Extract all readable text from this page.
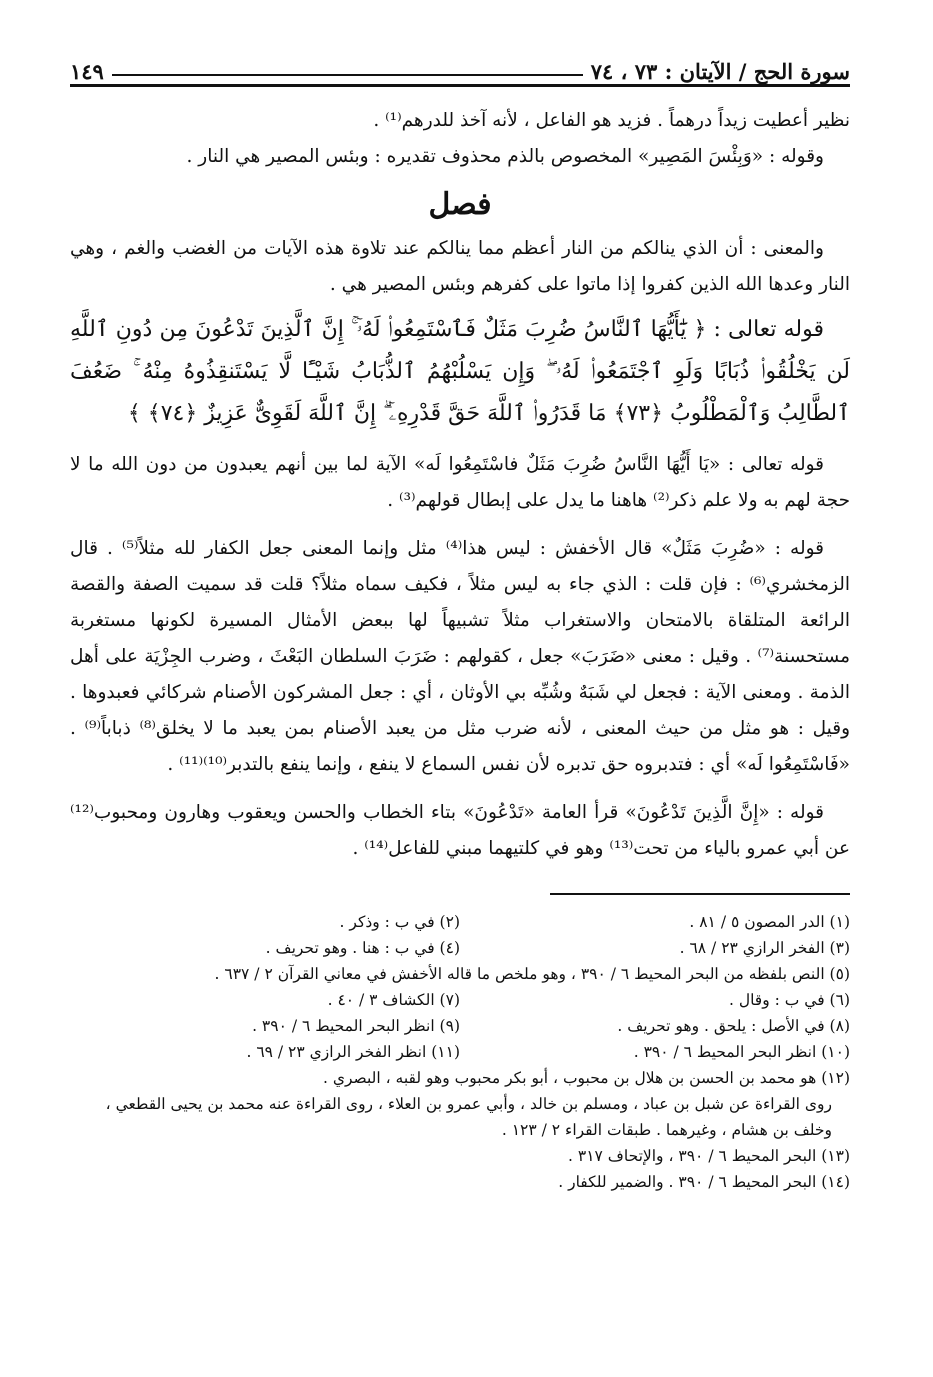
سورة الحج / الآيتان : ٧٣ ، ٧٤
١٤٩

نظير أعطيت زيداً درهماً . فزيد هو الفاعل ، لأنه آخذ للدرهم⁽¹⁾ .

وقوله : «وَبِئْسَ المَصِير» المخصوص بالذم محذوف تقديره : وبئس المصير هي النار .

فصل

والمعنى : أن الذي ينالكم من النار أعظم مما ينالكم عند تلاوة هذه الآيات من الغضب والغم ، وهي النار وعدها الله الذين كفروا إذا ماتوا على كفرهم وبئس المصير هي .

قوله تعالى : ﴿ يَٰٓأَيُّهَا ٱلنَّاسُ ضُرِبَ مَثَلٌ فَٱسْتَمِعُوا۟ لَهُۥٓ ۚ إِنَّ ٱلَّذِينَ تَدْعُونَ مِن دُونِ ٱللَّهِ لَن يَخْلُقُوا۟ ذُبَابًا وَلَوِ ٱجْتَمَعُوا۟ لَهُۥ ۖ وَإِن يَسْلُبْهُمُ ٱلذُّبَابُ شَيْـًٔا لَّا يَسْتَنقِذُوهُ مِنْهُ ۚ ضَعُفَ ٱلطَّالِبُ وَٱلْمَطْلُوبُ ﴿٧٣﴾ مَا قَدَرُوا۟ ٱللَّهَ حَقَّ قَدْرِهِۦٓ ۗ إِنَّ ٱللَّهَ لَقَوِىٌّ عَزِيزٌ ﴿٧٤﴾ ﴾

قوله تعالى : «يَا أَيُّهَا النَّاسُ ضُرِبَ مَثَلٌ فاسْتَمِعُوا لَه» الآية لما بين أنهم يعبدون من دون الله ما لا حجة لهم به ولا علم ذكر⁽²⁾ هاهنا ما يدل على إبطال قولهم⁽³⁾ .

قوله : «ضُرِبَ مَثَلٌ» قال الأخفش : ليس هذا⁽⁴⁾ مثل وإنما المعنى جعل الكفار لله مثلاً⁽⁵⁾ . قال الزمخشري⁽⁶⁾ : فإن قلت : الذي جاء به ليس مثلاً ، فكيف سماه مثلاً؟ قلت قد سميت الصفة والقصة الرائعة المتلقاة بالامتحان والاستغراب مثلاً تشبيهاً لها ببعض الأمثال المسيرة لكونها مستغربة مستحسنة⁽⁷⁾ . وقيل : معنى «ضَرَبَ» جعل ، كقولهم : ضَرَبَ السلطان البَعْثَ ، وضرب الجِزْيَة على أهل الذمة . ومعنى الآية : فجعل لي شَبَهٌ وشُبِّه بي الأوثان ، أي : جعل المشركون الأصنام شركائي فعبدوها . وقيل : هو مثل من حيث المعنى ، لأنه ضرب مثل من يعبد الأصنام بمن يعبد ما لا يخلق⁽⁸⁾ ذباباً⁽⁹⁾ . «فَاسْتَمِعُوا لَه» أي : فتدبروه حق تدبره لأن نفس السماع لا ينفع ، وإنما ينفع بالتدبر⁽¹⁰⁾⁽¹¹⁾ .

قوله : «إِنَّ الَّذِينَ تَدْعُونَ» قرأ العامة «تَدْعُونَ» بتاء الخطاب والحسن ويعقوب وهارون ومحبوب⁽¹²⁾ عن أبي عمرو بالياء من تحت⁽¹³⁾ وهو في كلتيهما مبني للفاعل⁽¹⁴⁾ .

(١) الدر المصون ٥ / ٨١ .
(٢) في ب : وذكر .
(٣) الفخر الرازي ٢٣ / ٦٨ .
(٤) في ب : هنا . وهو تحريف .
(٥) النص بلفظه من البحر المحيط ٦ / ٣٩٠ ، وهو ملخص ما قاله الأخفش في معاني القرآن ٢ / ٦٣٧ .
(٦) في ب : وقال .
(٧) الكشاف ٣ / ٤٠ .
(٨) في الأصل : يلحق . وهو تحريف .
(٩) انظر البحر المحيط ٦ / ٣٩٠ .
(١٠) انظر البحر المحيط ٦ / ٣٩٠ .
(١١) انظر الفخر الرازي ٢٣ / ٦٩ .
(١٢) هو محمد بن الحسن بن هلال بن محبوب ، أبو بكر محبوب وهو لقبه ، البصري .
روى القراءة عن شبل بن عباد ، ومسلم بن خالد ، وأبي عمرو بن العلاء ، روى القراءة عنه محمد بن يحيى القطعي ، وخلف بن هشام ، وغيرهما . طبقات القراء ٢ / ١٢٣ .
(١٣) البحر المحيط ٦ / ٣٩٠ ، والإتحاف ٣١٧ .
(١٤) البحر المحيط ٦ / ٣٩٠ . والضمير للكفار .
